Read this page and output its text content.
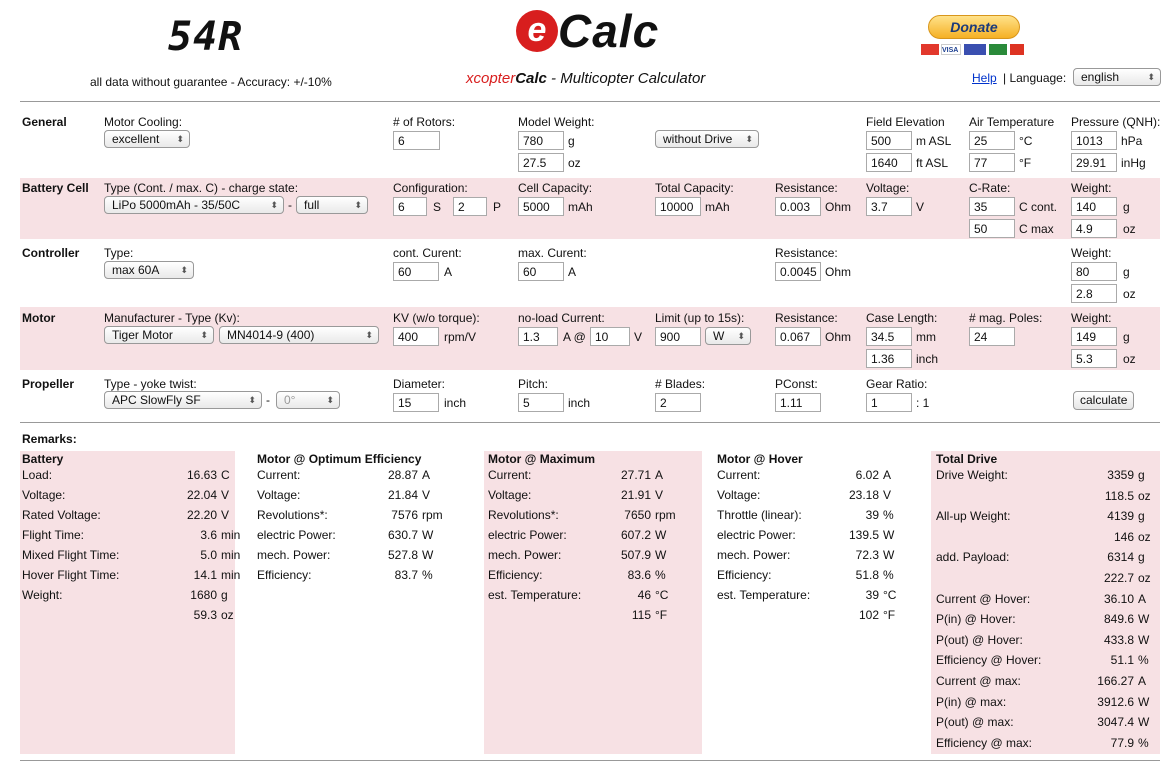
54R
all data without guarantee - Accuracy: +/-10%
e Calc
xcopterCalc - Multicopter Calculator
Donate
VISA
Help | Language:	english	⬍
General	Motor Cooling:
excellent ⬍
# of Rotors:
6
Model Weight:
780	g
27.5	oz
without Drive ⬍
Field Elevation
500	m ASL
1640	ft ASL
Air Temperature
25	°C
77	°F
Pressure (QNH):
1013	hPa
29.91	inHg
Battery Cell Type (Cont. / max. C) - charge state:
LiPo 5000mAh - 35/50C	⬍ -	full	⬍
Configuration:
6	S	2	P
Cell Capacity:
5000	mAh
Total Capacity:
10000 mAh
Resistance:
0.003	Ohm
Voltage:
3.7	V
C-Rate:
35	C cont.
50	C max
Weight:
140	g
4.9	oz
Controller Type:
max 60A ⬍
cont. Curent:
60	A
max. Curent:
60	A
Resistance:
0.0045 Ohm
Weight:
80	g
2.8	oz
Motor	Manufacturer - Type (Kv):
Tiger Motor	⬍	MN4014-9 (400)	⬍
KV (w/o torque):
400	rpm/V
no-load Current:
1.3	A @ 10	V
Limit (up to 15s):
900	W ⬍
Resistance:
0.067	Ohm
Case Length:
34.5	mm
1.36	inch
# mag. Poles:
24
Weight:
149	g
5.3	oz
Propeller Type - yoke twist:
APC SlowFly SF	⬍ -	0°	⬍
Diameter:
15	inch
Pitch:
5	inch
# Blades:
2
PConst:
1.11
Gear Ratio:
1	: 1	calculate
Remarks:
Battery
Load:	16.63 C
Voltage:	22.04 V
Rated Voltage:	22.20 V
Flight Time:	3.6 min
Mixed Flight Time:	5.0 min
Hover Flight Time:	14.1 min
Weight:	1680 g
59.3 oz
Motor @ Optimum Efficiency
Current:	28.87 A
Voltage:	21.84 V
Revolutions*:	7576 rpm
electric Power:	630.7 W
mech. Power:	527.8 W
Efficiency:	83.7 %
Motor @ Maximum
Current:	27.71 A
Voltage:	21.91 V
Revolutions*:	7650 rpm
electric Power:	607.2 W
mech. Power:	507.9 W
Efficiency:	83.6 %
est. Temperature:	46 °C
115 °F
Motor @ Hover
Current:	6.02 A
Voltage:	23.18 V
Throttle (linear):	39 %
electric Power:	139.5 W
mech. Power:	72.3 W
Efficiency:	51.8 %
est. Temperature:	39 °C
102 °F
Total Drive
Drive Weight:	3359 g
118.5 oz
All-up Weight:	4139 g
146 oz
add. Payload:	6314 g
222.7 oz
Current @ Hover:	36.10 A
P(in) @ Hover:	849.6 W
P(out) @ Hover:	433.8 W
Efficiency @ Hover:	51.1 %
Current @ max:	166.27 A
P(in) @ max:	3912.6 W
P(out) @ max:	3047.4 W
Efficiency @ max:	77.9 %
